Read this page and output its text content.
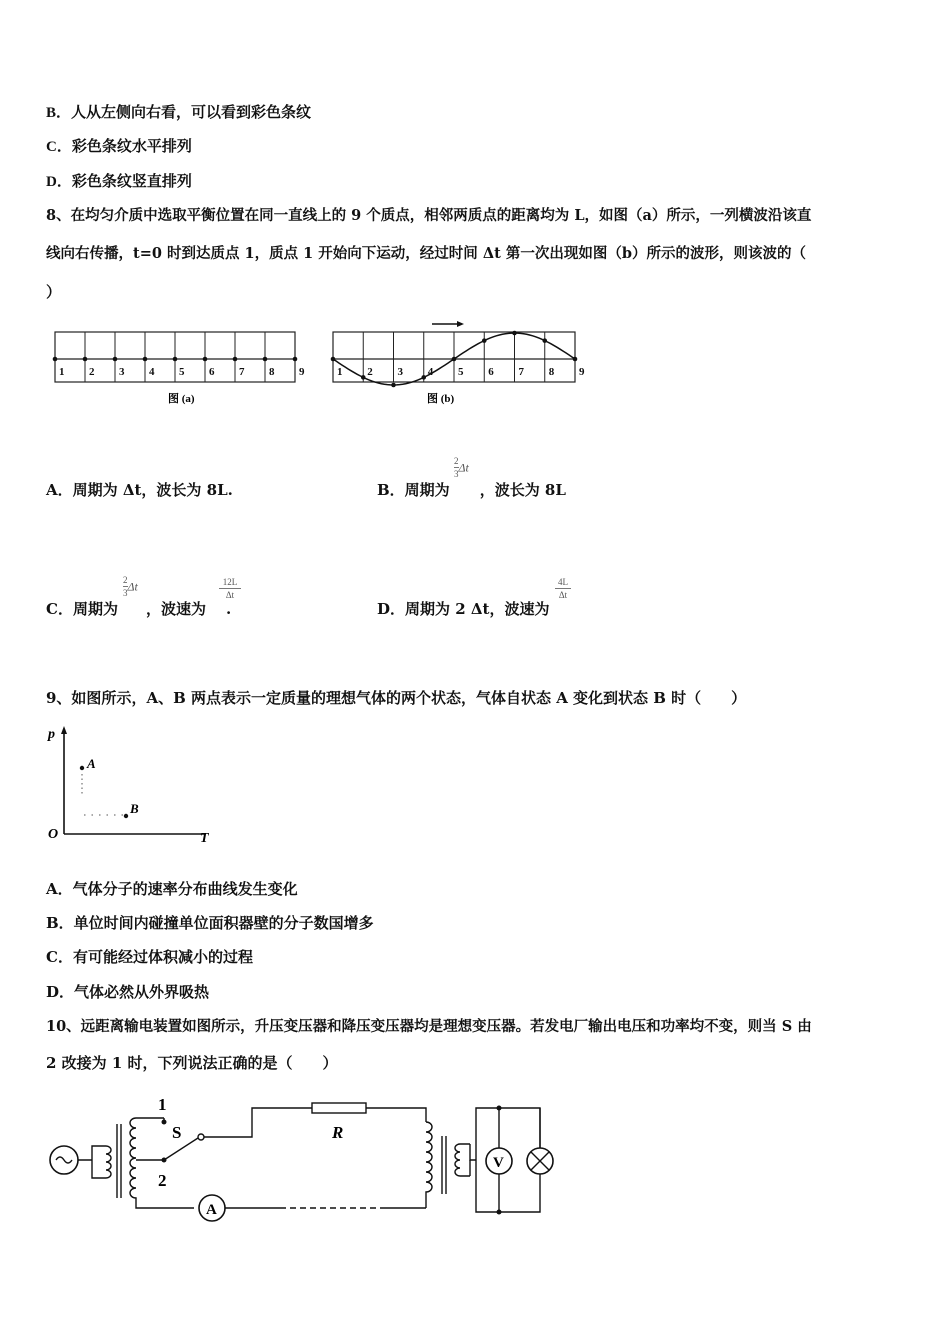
B．人从左侧向右看，可以看到彩色条纹
C．彩色条纹水平排列
D．彩色条纹竖直排列
8、在均匀介质中选取平衡位置在同一直线上的 9 个质点，相邻两质点的距离均为 L，如图（a）所示，一列横波沿该直
线向右传播，t=0 时到达质点 1，质点 1 开始向下运动，经过时间 Δt 第一次出现如图（b）所示的波形，则该波的（
）
1 2 3 4 5 6 7 8 9
图 (a)
1 2 3 4 5 6 7 8 9
图 (b)
A．周期为 Δt，波长为 8L.	B．周期为 ，波长为 8L
$\frac{2}{3}$ Δt
C．周期为 ，波速为 .
$\frac{2}{3}$ Δt	12L
Δt
D．周期为 2 Δt，波速为
4L
Δt
9、如图所示，A、B 两点表示一定质量的理想气体的两个状态，气体自状态 A 变化到状态 B 时（　　）
p
T
O
A
B
A．气体分子的速率分布曲线发生变化
B．单位时间内碰撞单位面积器壁的分子数国增多
C．有可能经过体积减小的过程
D．气体必然从外界吸热
10、远距离输电装置如图所示，升压变压器和降压变压器均是理想变压器。若发电厂输出电压和功率均不变，则当 S 由
2 改接为 1 时，下列说法正确的是（　　）
1
2
S	R
A
V
